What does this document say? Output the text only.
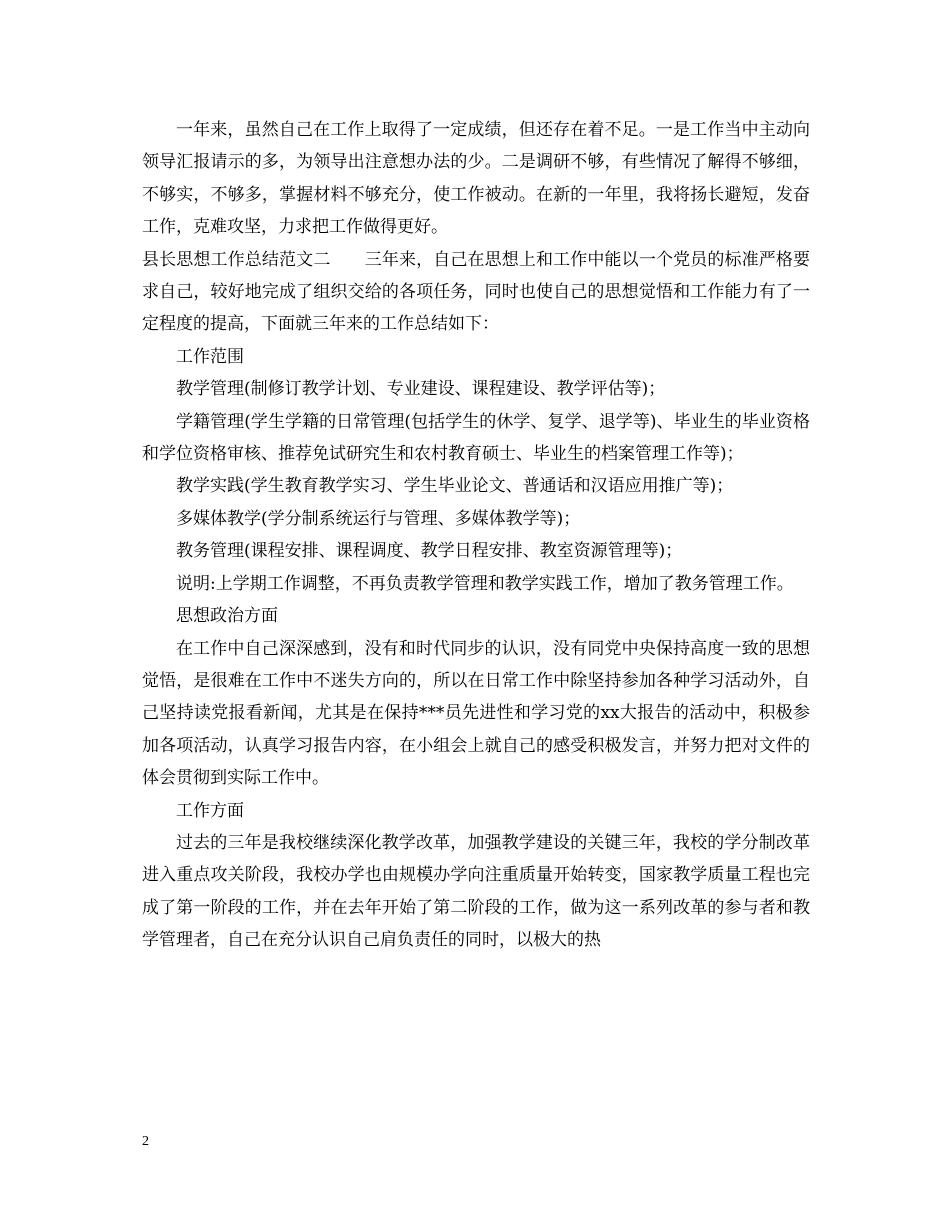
一年来，虽然自己在工作上取得了一定成绩，但还存在着不足。一是工作当中主动向领导汇报请示的多，为领导出注意想办法的少。二是调研不够，有些情况了解得不够细，不够实，不够多，掌握材料不够充分，使工作被动。在新的一年里，我将扬长避短，发奋工作，克难攻坚，力求把工作做得更好。

县长思想工作总结范文二　　三年来，自己在思想上和工作中能以一个党员的标准严格要求自己，较好地完成了组织交给的各项任务，同时也使自己的思想觉悟和工作能力有了一定程度的提高，下面就三年来的工作总结如下：

工作范围

教学管理(制修订教学计划、专业建设、课程建设、教学评估等)；

学籍管理(学生学籍的日常管理(包括学生的休学、复学、退学等)、毕业生的毕业资格和学位资格审核、推荐免试研究生和农村教育硕士、毕业生的档案管理工作等)；

教学实践(学生教育教学实习、学生毕业论文、普通话和汉语应用推广等)；

多媒体教学(学分制系统运行与管理、多媒体教学等)；

教务管理(课程安排、课程调度、教学日程安排、教室资源管理等)；

说明:上学期工作调整，不再负责教学管理和教学实践工作，增加了教务管理工作。

思想政治方面

在工作中自己深深感到，没有和时代同步的认识，没有同党中央保持高度一致的思想觉悟，是很难在工作中不迷失方向的，所以在日常工作中除坚持参加各种学习活动外，自己坚持读党报看新闻，尤其是在保持***员先进性和学习党的xx大报告的活动中，积极参加各项活动，认真学习报告内容，在小组会上就自己的感受积极发言，并努力把对文件的体会贯彻到实际工作中。

工作方面

过去的三年是我校继续深化教学改革，加强教学建设的关键三年，我校的学分制改革进入重点攻关阶段，我校办学也由规模办学向注重质量开始转变，国家教学质量工程也完成了第一阶段的工作，并在去年开始了第二阶段的工作，做为这一系列改革的参与者和教学管理者，自己在充分认识自己肩负责任的同时，以极大的热

2
